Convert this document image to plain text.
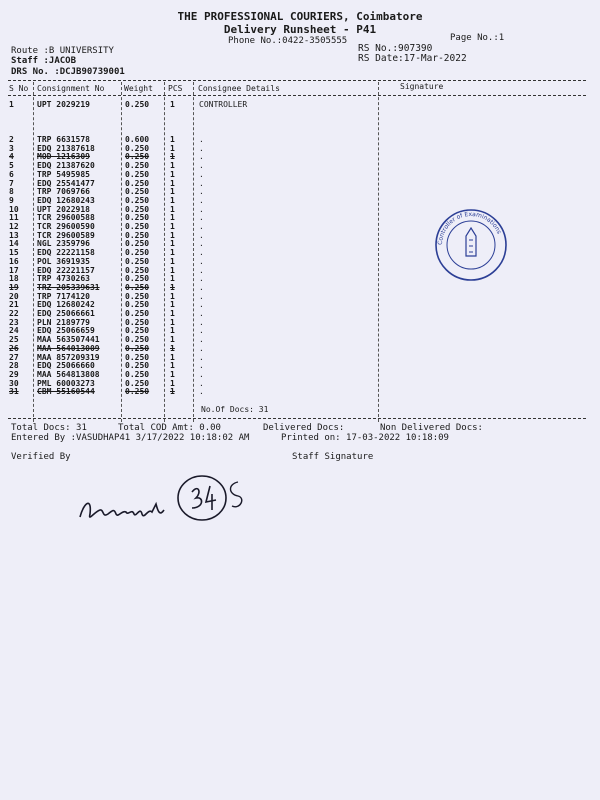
THE PROFESSIONAL COURIERS, Coimbatore
Delivery Runsheet - P41
Phone No.:0422-3505555	Page No.:1
Route :B UNIVERSITY
Staff :JACOB
DRS No. :DCJB90739001
RS No.:907390
RS Date:17-Mar-2022
S No Consignment No Weight PCS Consignee Details	Signature
1	UPT 2029219	0.250	1	CONTROLLER
2	TRP 6631578	0.600	1	.
3	EDQ 21387618	0.250	1	.
4	MOD 1216309	0.250	1	.
5	EDQ 21387620	0.250	1	.
6	TRP 5495985	0.250	1	.
7	EDQ 25541477	0.250	1	.
8	TRP 7069766	0.250	1	.
9	EDQ 12680243	0.250	1	.
10 UPT 2022918	0.250	1	.
11 TCR 29600588	0.250	1	.
12 TCR 29600590	0.250	1	.
13 TCR 29600589	0.250	1	.
14 NGL 2359796	0.250	1	.
15 EDQ 22221158	0.250	1	.
16 POL 3691935	0.250	1	.
17 EDQ 22221157	0.250	1	.
18 TRP 4730263	0.250	1	.
19 TRZ 205339631	0.250	1	.
20 TRP 7174120	0.250	1	.
21 EDQ 12680242	0.250	1	.
22 EDQ 25066661	0.250	1	.
23 PLN 2189779	0.250	1	.
24 EDQ 25066659	0.250	1	.
25 MAA 563507441	0.250	1	.
26 MAA 564013009	0.250	1	.
27 MAA 857209319	0.250	1	.
28 EDQ 25066660	0.250	1	.
29 MAA 564813808	0.250	1	.
30 PML 60003273	0.250	1	.
31 CBM 55160544	0.250	1	.
No.Of Docs: 31
Total Docs: 31	Total COD Amt: 0.00	Delivered Docs:	Non Delivered Docs:
Entered By :VASUDHAP41 3/17/2022 10:18:02 AM	Printed on: 17-03-2022 10:18:09
Verified By	Staff Signature
Controller of Examinations
